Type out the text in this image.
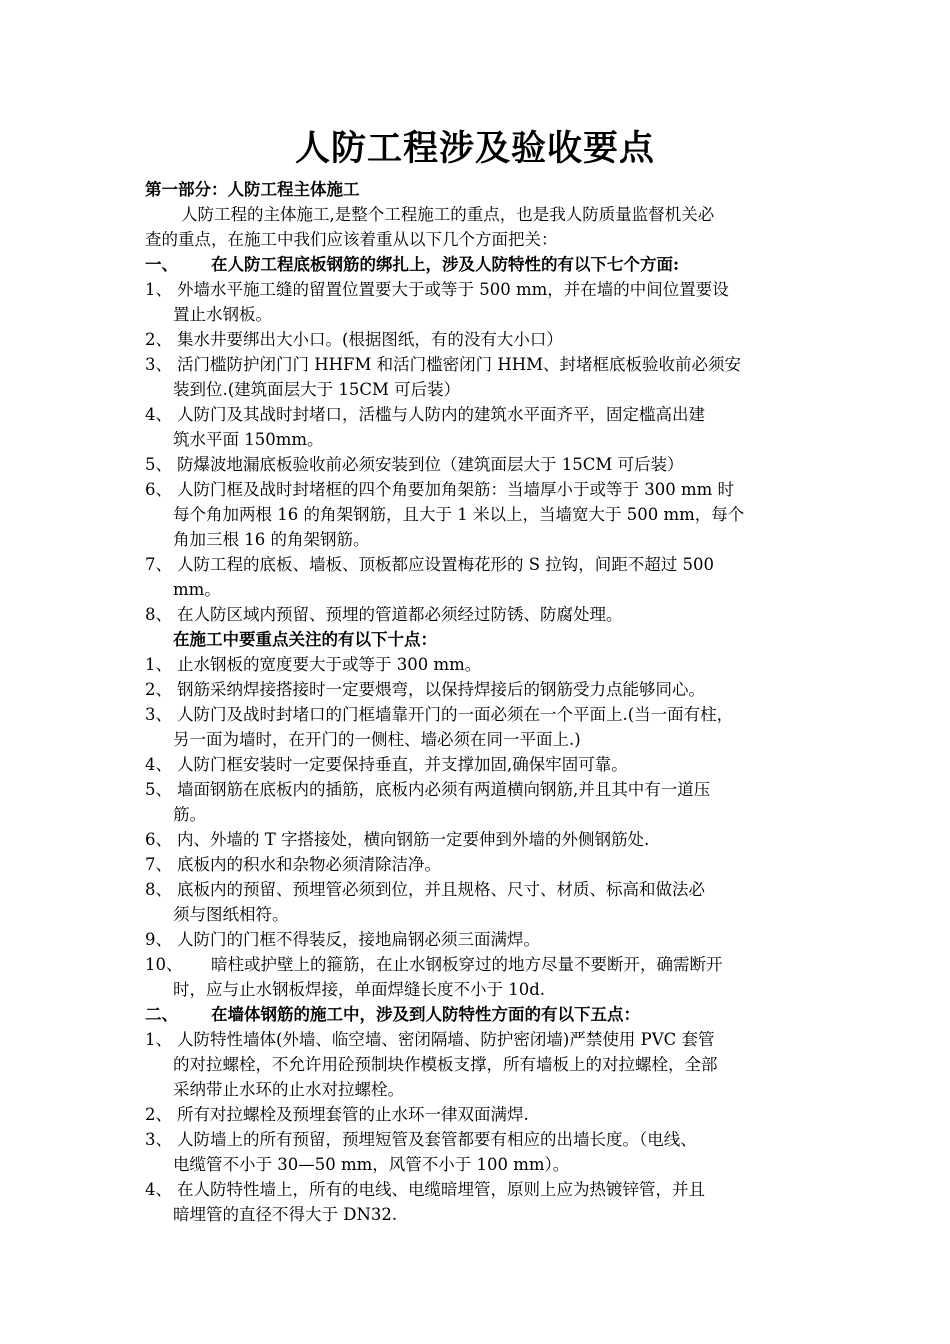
人防工程涉及验收要点
第一部分：人防工程主体施工
人防工程的主体施工,是整个工程施工的重点，也是我人防质量监督机关必
查的重点，在施工中我们应该着重从以下几个方面把关：
一、 在人防工程底板钢筋的绑扎上，涉及人防特性的有以下七个方面:
1、 外墙水平施工缝的留置位置要大于或等于 500 mm，并在墙的中间位置要设
置止水钢板。
2、 集水井要绑出大小口。(根据图纸，有的没有大小口）
3、 活门槛防护闭门门 HHFM 和活门槛密闭门 HHM、封堵框底板验收前必须安
装到位.(建筑面层大于 15CM 可后装）
4、 人防门及其战时封堵口，活槛与人防内的建筑水平面齐平，固定槛高出建
筑水平面 150mm。
5、 防爆波地漏底板验收前必须安装到位（建筑面层大于 15CM 可后装）
6、 人防门框及战时封堵框的四个角要加角架筋：当墙厚小于或等于 300 mm 时
每个角加两根 16 的角架钢筋，且大于 1 米以上，当墙宽大于 500 mm，每个
角加三根 16 的角架钢筋。
7、 人防工程的底板、墙板、顶板都应设置梅花形的 S 拉钩，间距不超过 500
mm。
8、 在人防区域内预留、预埋的管道都必须经过防锈、防腐处理。
在施工中要重点关注的有以下十点：
1、 止水钢板的宽度要大于或等于 300 mm。
2、 钢筋采纳焊接搭接时一定要煨弯，以保持焊接后的钢筋受力点能够同心。
3、 人防门及战时封堵口的门框墙靠开门的一面必须在一个平面上.(当一面有柱，
另一面为墙时，在开门的一侧柱、墙必须在同一平面上.)
4、 人防门框安装时一定要保持垂直，并支撑加固,确保牢固可靠。
5、 墙面钢筋在底板内的插筋，底板内必须有两道横向钢筋,并且其中有一道压
筋。
6、 内、外墙的 T 字搭接处，横向钢筋一定要伸到外墙的外侧钢筋处.
7、 底板内的积水和杂物必须清除洁净。
8、 底板内的预留、预埋管必须到位，并且规格、尺寸、材质、标高和做法必
须与图纸相符。
9、 人防门的门框不得装反，接地扁钢必须三面满焊。
10、 暗柱或护壁上的箍筋，在止水钢板穿过的地方尽量不要断开，确需断开
时，应与止水钢板焊接，单面焊缝长度不小于 10d.
二、 在墙体钢筋的施工中，涉及到人防特性方面的有以下五点：
1、 人防特性墙体(外墙、临空墙、密闭隔墙、防护密闭墙)严禁使用 PVC 套管
的对拉螺栓，不允许用砼预制块作模板支撑，所有墙板上的对拉螺栓，全部
采纳带止水环的止水对拉螺栓。
2、 所有对拉螺栓及预埋套管的止水环一律双面满焊.
3、 人防墙上的所有预留，预埋短管及套管都要有相应的出墙长度。（电线、
电缆管不小于 30—50 mm，风管不小于 100 mm）。
4、 在人防特性墙上，所有的电线、电缆暗埋管，原则上应为热镀锌管，并且
暗埋管的直径不得大于 DN32.
